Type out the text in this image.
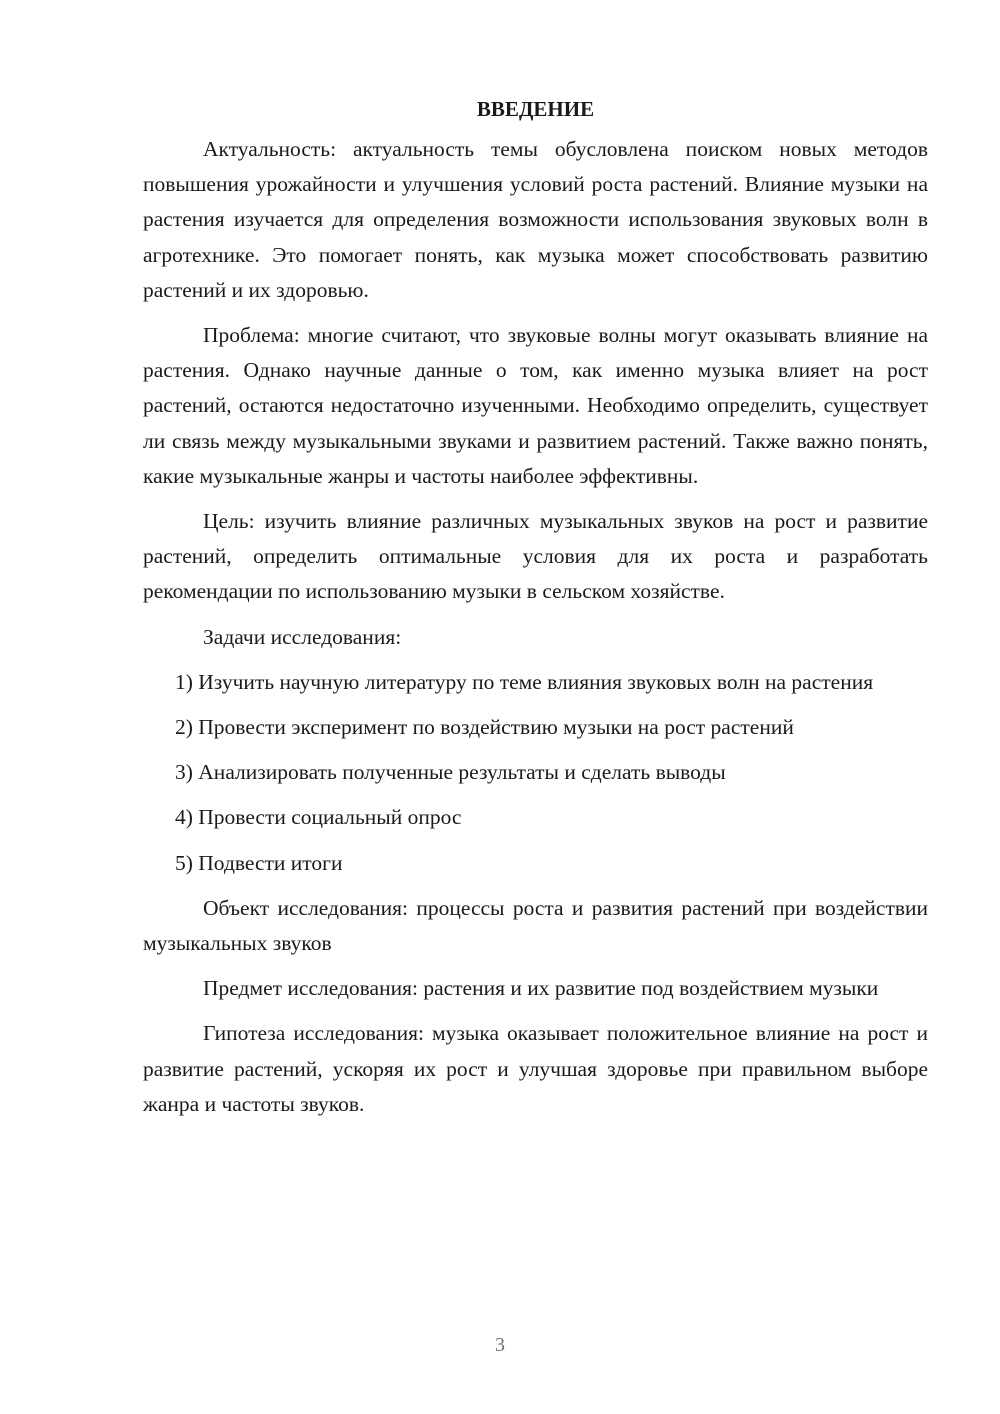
ВВЕДЕНИЕ

Актуальность: актуальность темы обусловлена поиском новых методов повышения урожайности и улучшения условий роста растений. Влияние музыки на растения изучается для определения возможности использования звуковых волн в агротехнике. Это помогает понять, как музыка может способствовать развитию растений и их здоровью.

Проблема: многие считают, что звуковые волны могут оказывать влияние на растения. Однако научные данные о том, как именно музыка влияет на рост растений, остаются недостаточно изученными. Необходимо определить, существует ли связь между музыкальными звуками и развитием растений. Также важно понять, какие музыкальные жанры и частоты наиболее эффективны.

Цель: изучить влияние различных музыкальных звуков на рост и развитие растений, определить оптимальные условия для их роста и разработать рекомендации по использованию музыки в сельском хозяйстве.

Задачи исследования:

1) Изучить научную литературу по теме влияния звуковых волн на растения

2) Провести эксперимент по воздействию музыки на рост растений

3) Анализировать полученные результаты и сделать выводы

4) Провести социальный опрос

5) Подвести итоги

Объект исследования: процессы роста и развития растений при воздействии музыкальных звуков

Предмет исследования: растения и их развитие под воздействием музыки

Гипотеза исследования: музыка оказывает положительное влияние на рост и развитие растений, ускоряя их рост и улучшая здоровье при правильном выборе жанра и частоты звуков.

3
